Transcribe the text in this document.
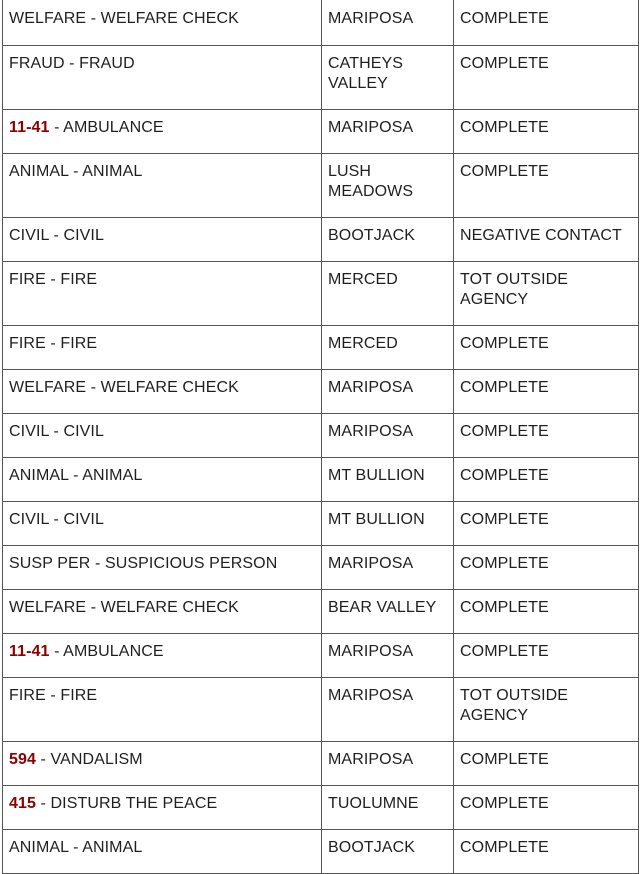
WELFARE - WELFARE CHECK	MARIPOSA	COMPLETE
FRAUD - FRAUD	CATHEYS VALLEY	COMPLETE
11-41 - AMBULANCE	MARIPOSA	COMPLETE
ANIMAL - ANIMAL	LUSH MEADOWS	COMPLETE
CIVIL - CIVIL	BOOTJACK	NEGATIVE CONTACT
FIRE - FIRE	MERCED	TOT OUTSIDE AGENCY
FIRE - FIRE	MERCED	COMPLETE
WELFARE - WELFARE CHECK	MARIPOSA	COMPLETE
CIVIL - CIVIL	MARIPOSA	COMPLETE
ANIMAL - ANIMAL	MT BULLION	COMPLETE
CIVIL - CIVIL	MT BULLION	COMPLETE
SUSP PER - SUSPICIOUS PERSON	MARIPOSA	COMPLETE
WELFARE - WELFARE CHECK	BEAR VALLEY	COMPLETE
11-41 - AMBULANCE	MARIPOSA	COMPLETE
FIRE - FIRE	MARIPOSA	TOT OUTSIDE AGENCY
594 - VANDALISM	MARIPOSA	COMPLETE
415 - DISTURB THE PEACE	TUOLUMNE	COMPLETE
ANIMAL - ANIMAL	BOOTJACK	COMPLETE
